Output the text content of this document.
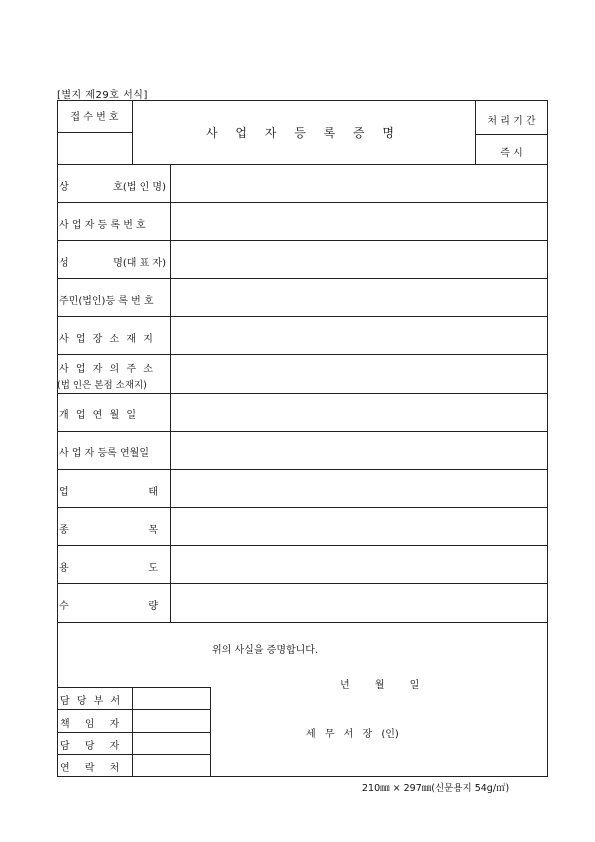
[별지 제29호 서식]
접 수 번 호
사 업 자 등 록 증 명
처 리 기 간
즉 시
상	호(법 인 명)
사 업 자 등 록 번 호
성	명(대 표 자)
주민(법인)등 록 번 호
사 업 장 소 재 지
사 업 자 의 주 소
(법 인은 본점 소재지)
개 업 연 월 일
사 업 자 등록 연월일
업	태
종	목
용	도
수	량
위의 사실을 증명합니다.
년 월 일
세 무 서 장 (인)
담 당 부 서
책 임 자
담 당 자
연 락 처
210㎜ × 297㎜(신문용지 54g/㎡)
